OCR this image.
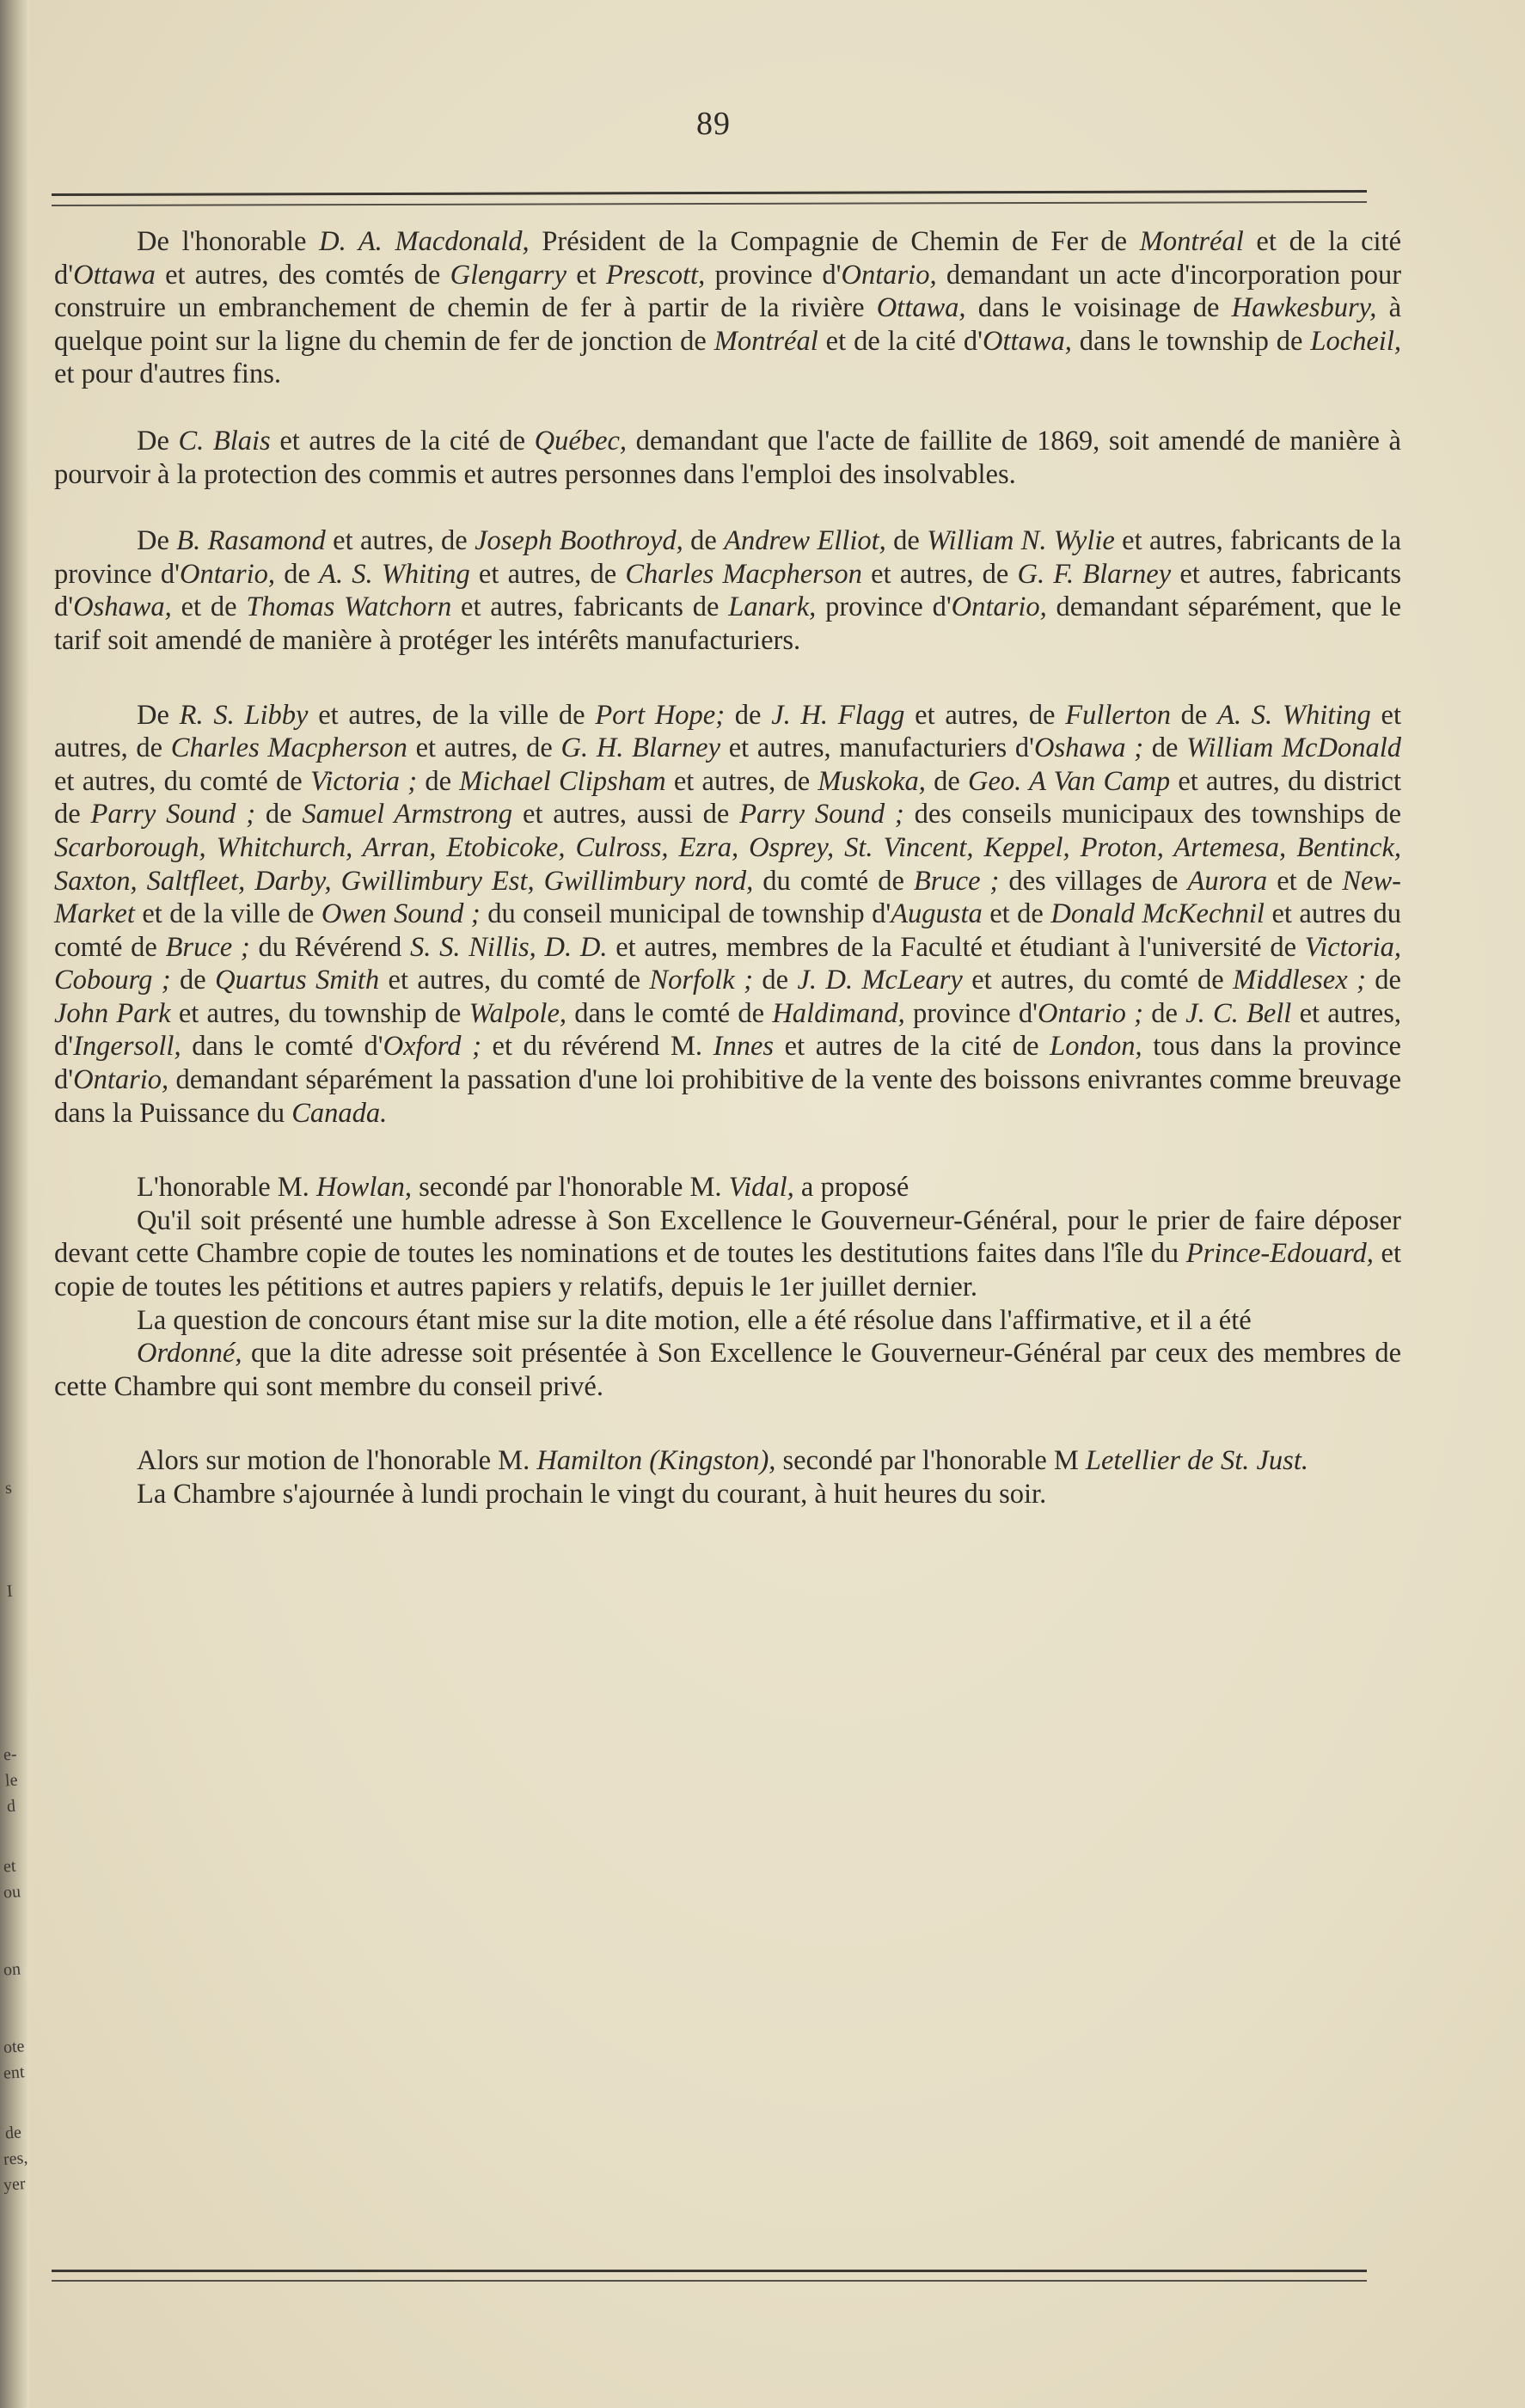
s
I
e-
le
d
et
ou
on
ote
ent
de
res,
yer
89

De l'honorable D. A. Macdonald, Président de la Compagnie de Chemin de Fer de Montréal et de la cité d'Ottawa et autres, des comtés de Glengarry et Prescott, province d'Ontario, demandant un acte d'incorporation pour construire un embranchement de chemin de fer à partir de la rivière Ottawa, dans le voisinage de Hawkesbury, à quelque point sur la ligne du chemin de fer de jonction de Montréal et de la cité d'Ottawa, dans le township de Locheil, et pour d'autres fins.

De C. Blais et autres de la cité de Québec, demandant que l'acte de faillite de 1869, soit amendé de manière à pourvoir à la protection des commis et autres personnes dans l'emploi des insolvables.

De B. Rasamond et autres, de Joseph Boothroyd, de Andrew Elliot, de William N. Wylie et autres, fabricants de la province d'Ontario, de A. S. Whiting et autres, de Charles Macpherson et autres, de G. F. Blarney et autres, fabricants d'Oshawa, et de Thomas Watchorn et autres, fabricants de Lanark, province d'Ontario, demandant séparément, que le tarif soit amendé de manière à protéger les intérêts manufacturiers.

De R. S. Libby et autres, de la ville de Port Hope; de J. H. Flagg et autres, de Fullerton de A. S. Whiting et autres, de Charles Macpherson et autres, de G. H. Blarney et autres, manufacturiers d'Oshawa ; de William McDonald et autres, du comté de Victoria ; de Michael Clipsham et autres, de Muskoka, de Geo. A Van Camp et autres, du district de Parry Sound ; de Samuel Armstrong et autres, aussi de Parry Sound ; des conseils municipaux des townships de Scarborough, Whitchurch, Arran, Etobicoke, Culross, Ezra, Osprey, St. Vincent, Keppel, Proton, Artemesa, Bentinck, Saxton, Saltfleet, Darby, Gwillimbury Est, Gwillimbury nord, du comté de Bruce ; des villages de Aurora et de New-Market et de la ville de Owen Sound ; du conseil municipal de township d'Augusta et de Donald McKechnil et autres du comté de Bruce ; du Révérend S. S. Nillis, D. D. et autres, membres de la Faculté et étudiant à l'université de Victoria, Cobourg ; de Quartus Smith et autres, du comté de Norfolk ; de J. D. McLeary et autres, du comté de Middlesex ; de John Park et autres, du township de Walpole, dans le comté de Haldimand, province d'Ontario ; de J. C. Bell et autres, d'Ingersoll, dans le comté d'Oxford ; et du révérend M. Innes et autres de la cité de London, tous dans la province d'Ontario, demandant séparément la passation d'une loi prohibitive de la vente des boissons enivrantes comme breuvage dans la Puissance du Canada.

L'honorable M. Howlan, secondé par l'honorable M. Vidal, a proposé

Qu'il soit présenté une humble adresse à Son Excellence le Gouverneur-Général, pour le prier de faire déposer devant cette Chambre copie de toutes les nominations et de toutes les destitutions faites dans l'île du Prince-Edouard, et copie de toutes les pétitions et autres papiers y relatifs, depuis le 1er juillet dernier.

La question de concours étant mise sur la dite motion, elle a été résolue dans l'affirmative, et il a été

Ordonné, que la dite adresse soit présentée à Son Excellence le Gouverneur-Général par ceux des membres de cette Chambre qui sont membre du conseil privé.

Alors sur motion de l'honorable M. Hamilton (Kingston), secondé par l'honorable M Letellier de St. Just.

La Chambre s'ajournée à lundi prochain le vingt du courant, à huit heures du soir.
